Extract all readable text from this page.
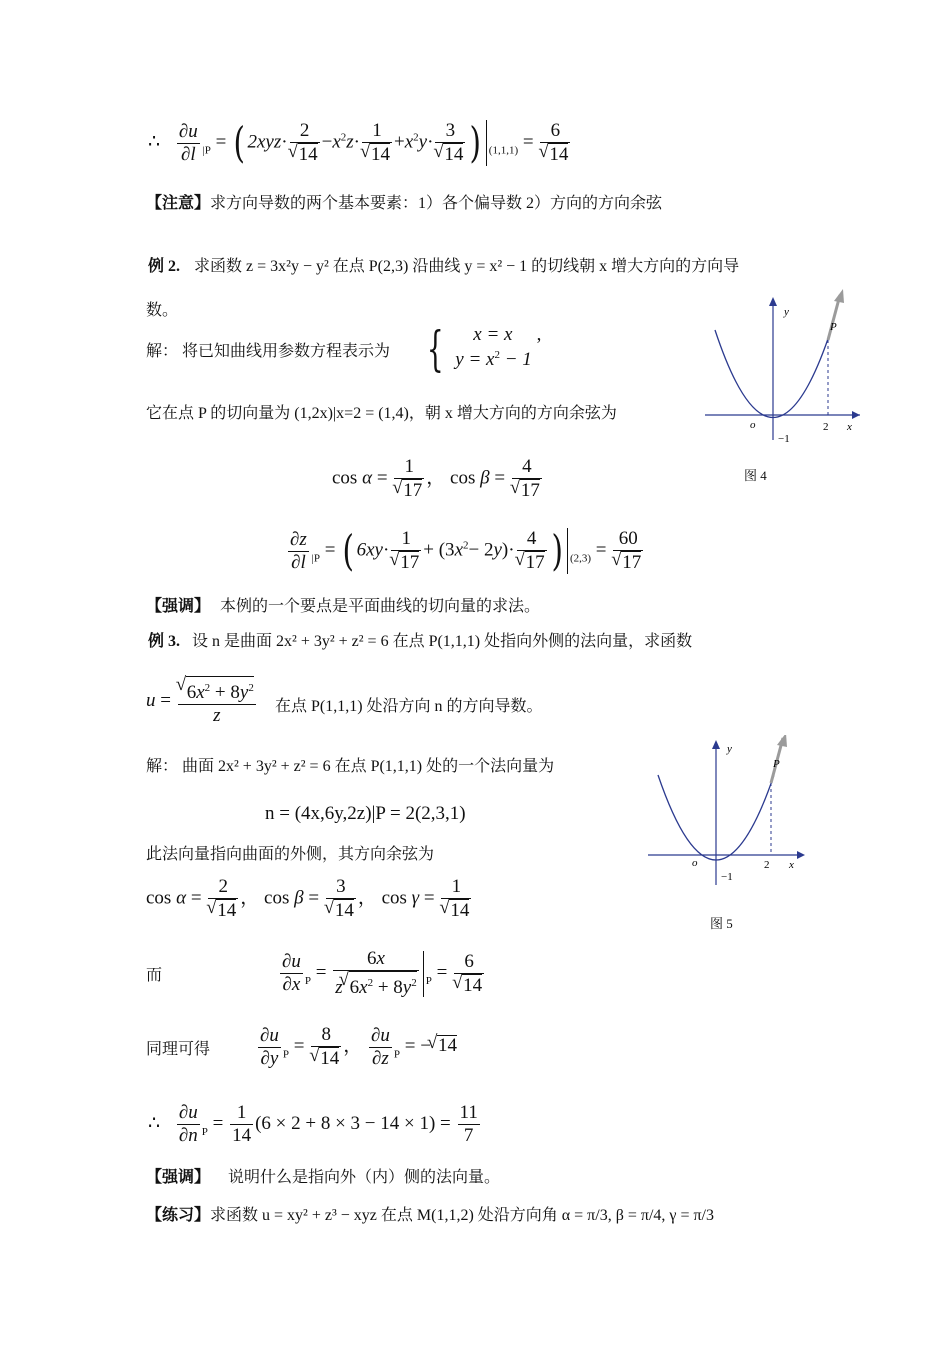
∴ $\frac{\partial u}{\partial l} _{|P}$ = ( 2xyz· 2
√ $14 -x^2z\cdot 1$
√ $14 +x^2y\cdot 3$
√ 14 ) $_{(1,1,1)}$ = 6
√ 14
【注意】求方向导数的两个基本要素：1）各个偏导数 2）方向的方向余弦
例 2. 求函数 z = 3x²y − y² 在点 P(2,3) 沿曲线 y = x² − 1 的切线朝 x 增大方向的方向导
数。
解： 将已知曲线用参数方程表示为 { x = x
$y = x^2 - 1$
,
它在点 P 的切向量为 (1,2x)|x=2 = (1,4)，朝 x 增大方向的方向余弦为
cos α = 1
√ 17 ， cos β = 4
√ 17
$\frac{\partial z}{\partial l} _{|P}$ = ( 6xy· 1
√ $17 + (3x^2- 2y)\cdot 4$
√ 17 ) $_{(2,3)}$ = 60
√ 17
【强调】 本例的一个要点是平面曲线的切向量的求法。
y
P
x
2
o
−1
图 4
例 3. 设 n 是曲面 2x² + 3y² + z² = 6 在点 P(1,1,1) 处指向外侧的法向量，求函数
u = √ $\frac{6x^2 + 8y^2}{z}$ 在点 P(1,1,1) 处沿方向 n 的方向导数。
解： 曲面 2x² + 3y² + z² = 6 在点 P(1,1,1) 处的一个法向量为
n = (4x,6y,2z)|P = 2(2,3,1)
此法向量指向曲面的外侧，其方向余弦为
cos α = 2
√ 14 ， cos β = 3
√ 14 ， cos γ = 1
√ 14
而	$\frac{\partial u}{\partial x} _P = \frac{6x}{z √ 6x^2 + 8y^2} _P = 6$
√ 14
同理可得	$\frac{\partial u}{\partial y} _P = 8$
√ 14 ， $\frac{\partial u}{\partial z} _P$ = − √ 14
∴ $\frac{\partial u}{\partial n} _P = \frac{1}{14} (6 \times 2 + 8 \times 3 - 14 \times 1) = \frac{11}{7}$
【强调】 说明什么是指向外（内）侧的法向量。
y
P
x
2
o
−1
图 5
【练习】求函数 u = xy² + z³ − xyz 在点 M(1,1,2) 处沿方向角 α = π/3, β = π/4, γ = π/3
